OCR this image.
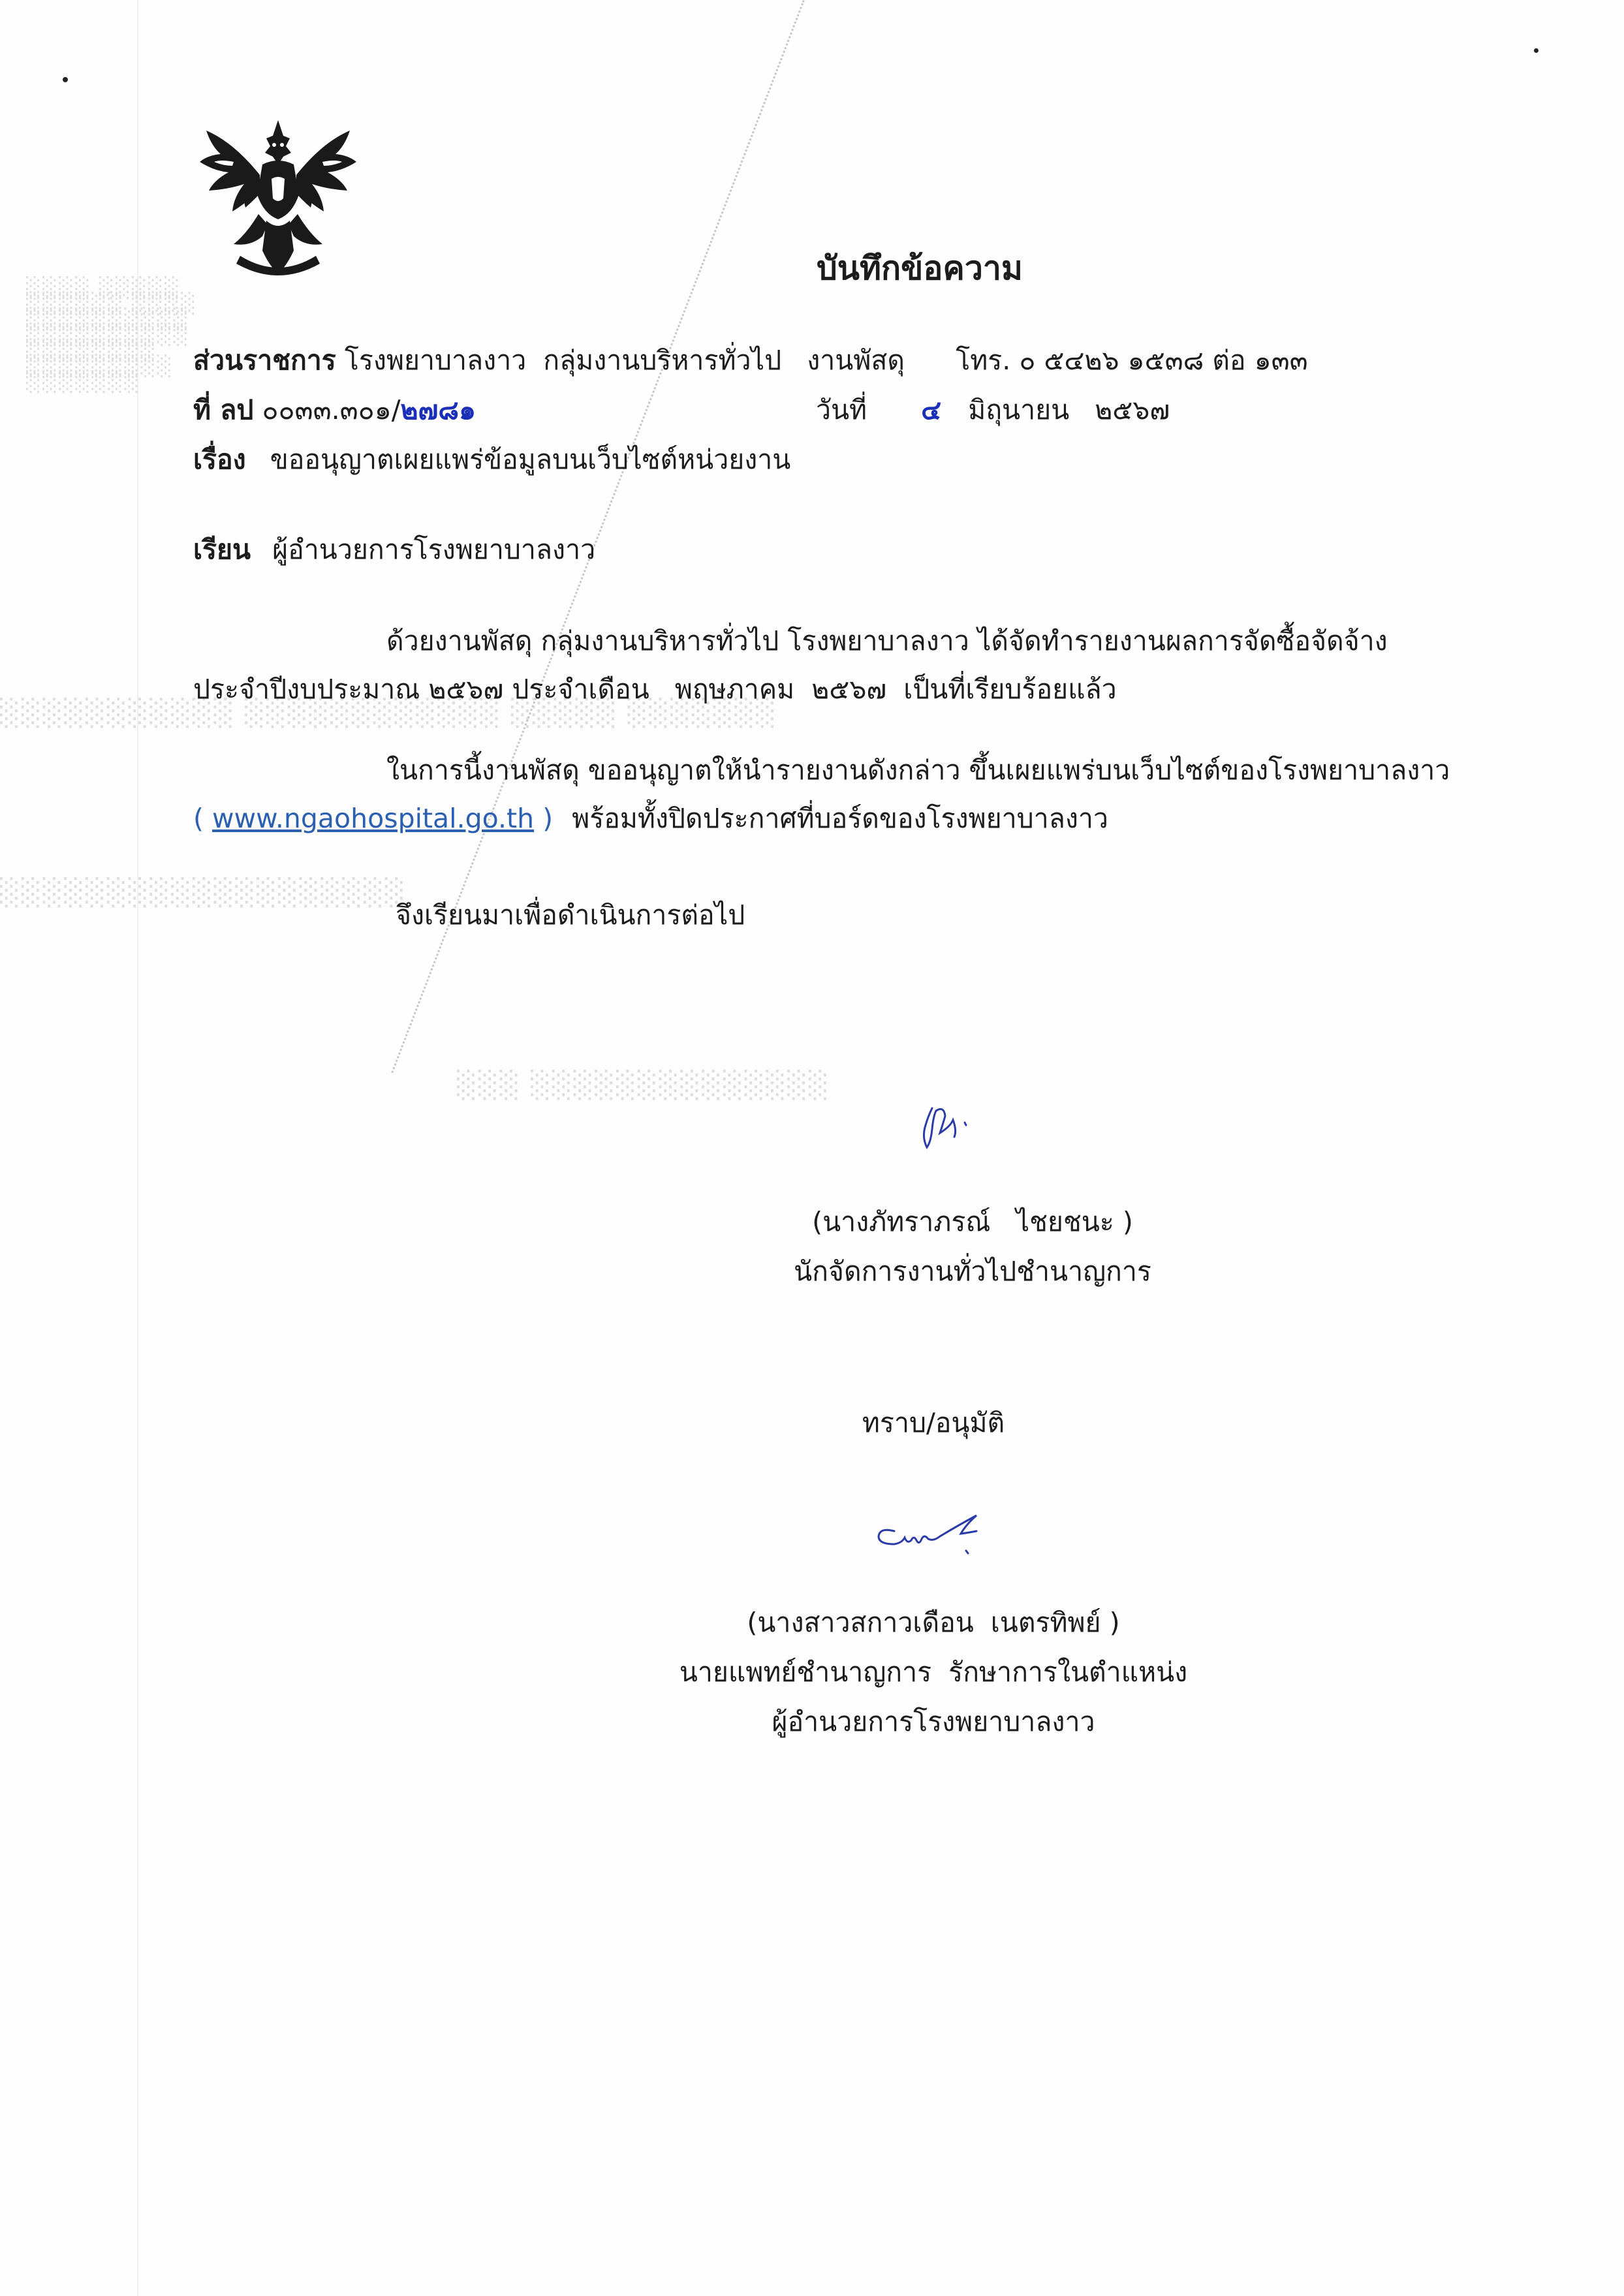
░░░░ ░░░░░
░░░░░░ ░░░░
░░░░░░░░░░
░░░░░░░░░░
░░░░░░░░
░░░░░░░░░
░░░░░░░
░░░░░░░░░░░ ░░░░░░░░░░░░ ░░░░░ ░░░░░░░
░░░░░░░░░░░░░░░░░░░
░░░ ░░░░░░░░░░░░░░
บันทึกข้อความ
ส่วนราชการ โรงพยาบาลงาว  กลุ่มงานบริหารทั่วไป   งานพัสดุ      โทร. ๐ ๕๔๒๖ ๑๕๓๘ ต่อ ๑๓๓
ที่ ลป ๐๐๓๓.๓๐๑/๒๗๘๑	วันที่ ๔ มิถุนายน   ๒๕๖๗
เรื่อง ขออนุญาตเผยแพร่ข้อมูลบนเว็บไซต์หน่วยงาน
เรียน ผู้อำนวยการโรงพยาบาลงาว
ด้วยงานพัสดุ กลุ่มงานบริหารทั่วไป โรงพยาบาลงาว ได้จัดทำรายงานผลการจัดซื้อจัดจ้าง
ประจำปีงบประมาณ ๒๕๖๗ ประจำเดือน   พฤษภาคม  ๒๕๖๗  เป็นที่เรียบร้อยแล้ว
ในการนี้งานพัสดุ ขออนุญาตให้นำรายงานดังกล่าว ขึ้นเผยแพร่บนเว็บไซต์ของโรงพยาบาลงาว
( www.ngaohospital.go.th ) พร้อมทั้งปิดประกาศที่บอร์ดของโรงพยาบาลงาว
จึงเรียนมาเพื่อดำเนินการต่อไป
(นางภัทราภรณ์   ไชยชนะ )
นักจัดการงานทั่วไปชำนาญการ
ทราบ/อนุมัติ
(นางสาวสกาวเดือน  เนตรทิพย์ )
นายแพทย์ชำนาญการ  รักษาการในตำแหน่ง
ผู้อำนวยการโรงพยาบาลงาว
